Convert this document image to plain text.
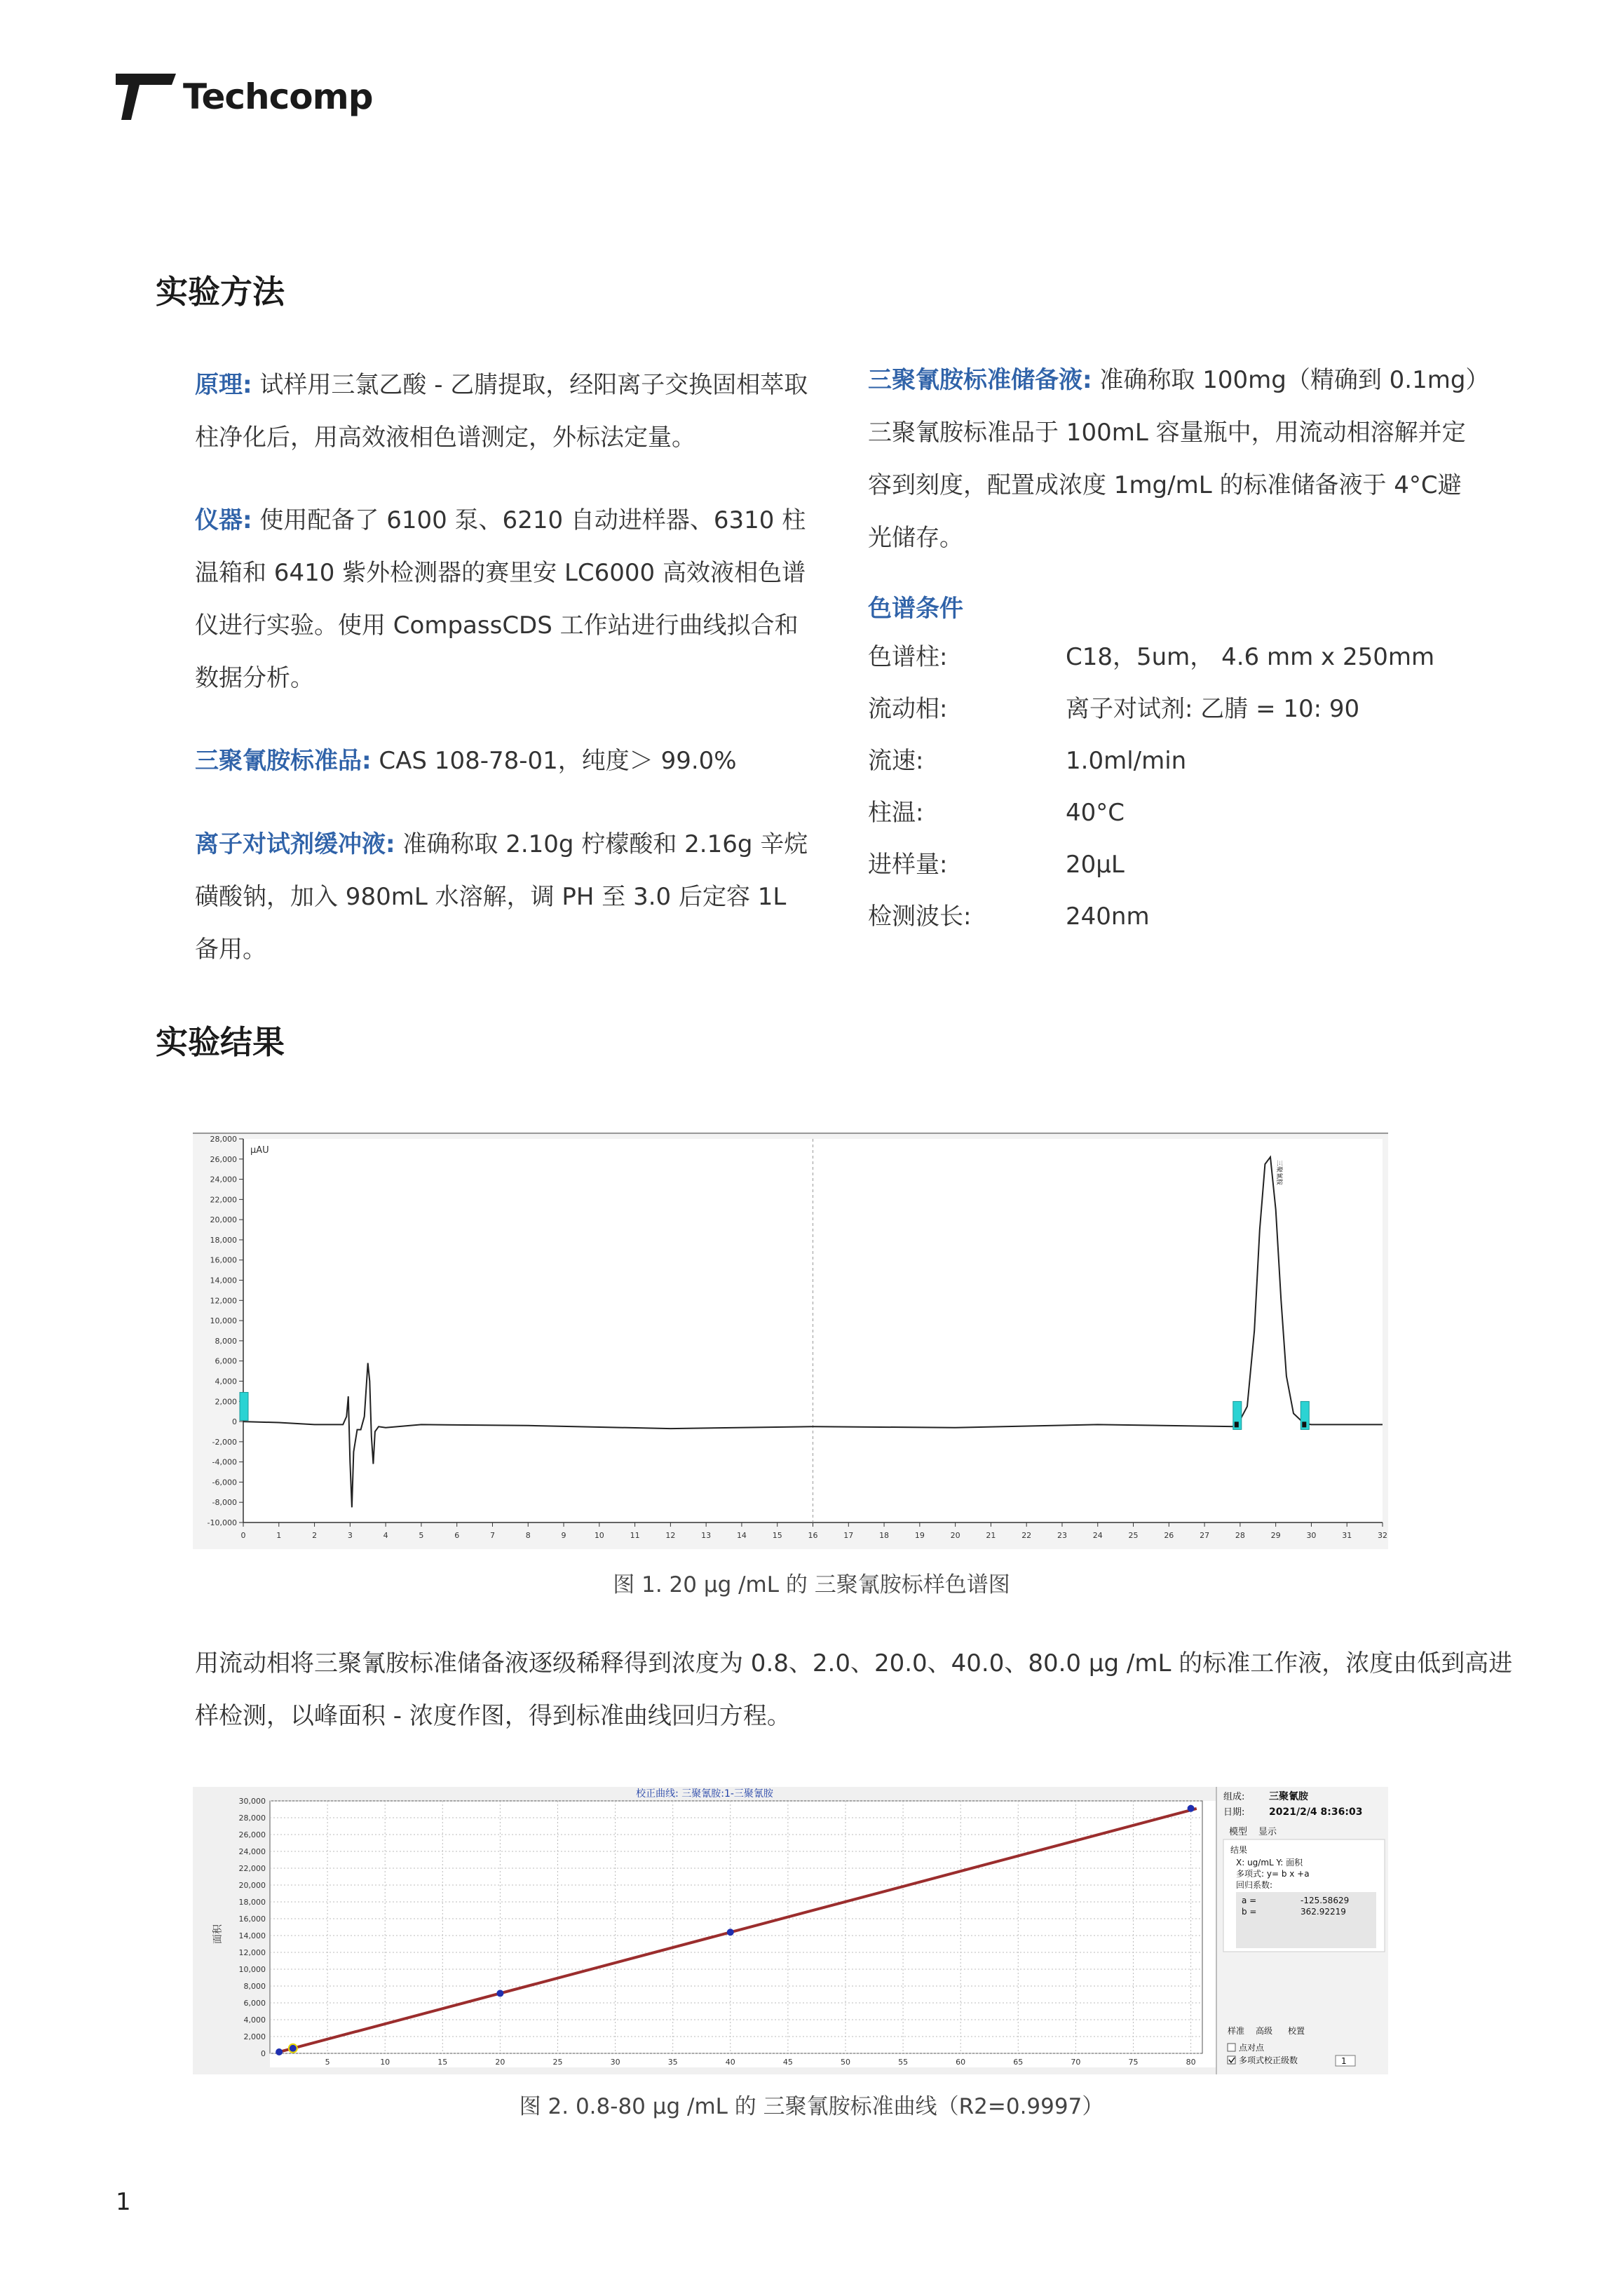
Techcomp
实验方法
原理: 试样用三氯乙酸 - 乙腈提取，经阳离子交换固相萃取柱净化后，用高效液相色谱测定，外标法定量。
仪器: 使用配备了 6100 泵、6210 自动进样器、6310 柱温箱和 6410 紫外检测器的赛里安 LC6000 高效液相色谱仪进行实验。使用 CompassCDS 工作站进行曲线拟合和数据分析。
三聚氰胺标准品: CAS 108-78-01，纯度＞ 99.0%
离子对试剂缓冲液: 准确称取 2.10g 柠檬酸和 2.16g 辛烷磺酸钠，加入 980mL 水溶解，调 PH 至 3.0 后定容 1L 备用。
三聚氰胺标准储备液: 准确称取 100mg（精确到 0.1mg）三聚氰胺标准品于 100mL 容量瓶中，用流动相溶解并定容到刻度，配置成浓度 1mg/mL 的标准储备液于 4°C避光储存。
色谱条件
色谱柱:	C18，5um， 4.6 mm x 250mm
流动相:	离子对试剂: 乙腈 = 10: 90
流速:	1.0ml/min
柱温:	40°C
进样量:	20µL
检测波长:	240nm
实验结果
-10,000
-8,000
-6,000
-4,000
-2,000
0
2,000
4,000
6,000
8,000
10,000
12,000
14,000
16,000
18,000
20,000
22,000
24,000
26,000
28,000
0	1	2	3	4	5	6	7	8	9	10	11	12	13	14	15	16	17	18	19	20	21	22	23	24	25	26	27	28	29	30	31	32
µAU
三聚氰胺
图 1. 20 µg /mL 的 三聚氰胺标样色谱图
用流动相将三聚氰胺标准储备液逐级稀释得到浓度为 0.8、2.0、20.0、40.0、80.0 µg /mL 的标准工作液，浓度由低到高进样检测，以峰面积 - 浓度作图，得到标准曲线回归方程。
校正曲线: 三聚氰胺:1-三聚氰胺
0
2,000
4,000
6,000
8,000
10,000
12,000
14,000
16,000
18,000
20,000
22,000
24,000
26,000
28,000
30,000
5	10	15	20	25	30	35	40	45	50	55	60	65	70	75	80
面积
组成: 三聚氰胺
日期: 2021/2/4 8:36:03
模型 显示
结果
X: ug/mL Y: 面积
多项式: y= b x +a
回归系数:
a =	-125.58629
b =	362.92219
样准 高级 校置
点对点
多项式校正级数	1
图 2. 0.8-80 µg /mL 的 三聚氰胺标准曲线（R2=0.9997）
1
